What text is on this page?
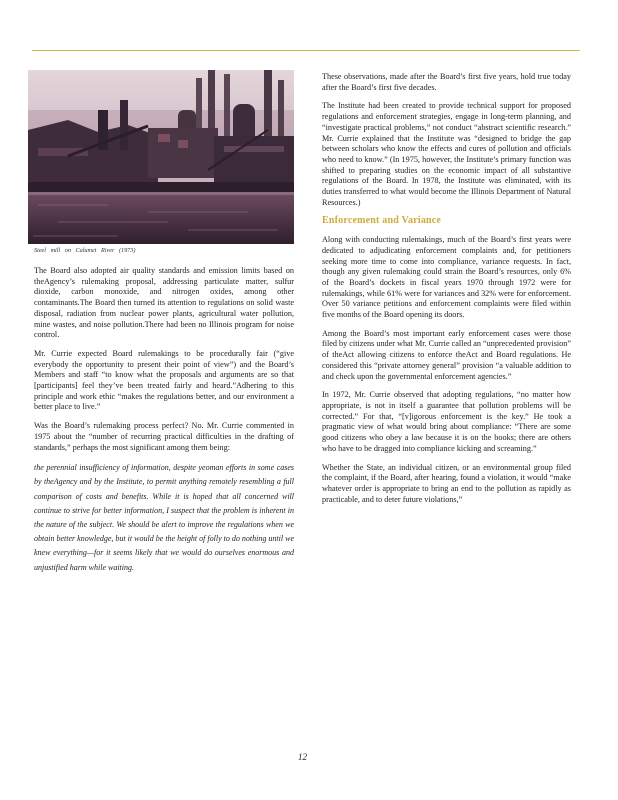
Steel mill on Calumet River (1973)

The Board also adopted air quality standards and emission limits based on theAgency’s rulemaking proposal, addressing particulate matter, sulfur dioxide, carbon monoxide, and nitrogen oxides, among other contaminants.The Board then turned its attention to regulations on solid waste disposal, radiation from nuclear power plants, agricultural water pollution, mine wastes, and noise pollution.There had been no Illinois program for noise control.

Mr. Currie expected Board rulemakings to be procedurally fair (“give everybody the opportunity to present their point of view”) and the Board’s Members and staff “to know what the proposals and arguments are so that [participants] feel they’ve been treated fairly and heard.”Adhering to this principle and work ethic “makes the regulations better, and our environment a better place to live.”

Was the Board’s rulemaking process perfect? No. Mr. Currie commented in 1975 about the “number of recurring practical difficulties in the drafting of standards,” perhaps the most significant among them being:

the perennial insufficiency of information, despite yeoman efforts in some cases by theAgency and by the Institute, to permit anything remotely resembling a full comparison of costs and benefits. While it is hoped that all concerned will continue to strive for better information, I suspect that the problem is inherent in the nature of the subject. We should be alert to improve the regulations when we obtain better knowledge, but it would be the height of folly to do nothing until we knew everything—for it seems likely that we would do ourselves enormous and unjustified harm while waiting.

These observations, made after the Board’s first five years, hold true today after the Board’s first five decades.

The Institute had been created to provide technical support for proposed regulations and enforcement strategies, engage in long-term planning, and “investigate practical problems,” not conduct “abstract scientific research.” Mr. Currie explained that the Institute was “designed to bridge the gap between scholars who know the effects and cures of pollution and officials who need to know.” (In 1975, however, the Institute’s primary function was shifted to preparing studies on the economic impact of all substantive regulations of the Board. In 1978, the Institute was eliminated, with its duties transferred to what would become the Illinois Department of Natural Resources.)

Enforcement and Variance

Along with conducting rulemakings, much of the Board’s first years were dedicated to adjudicating enforcement complaints and, for petitioners seeking more time to come into compliance, variance requests. In fact, though any given rulemaking could strain the Board’s resources, only 6% of the Board’s dockets in fiscal years 1970 through 1972 were for rulemakings, while 61% were for variances and 32% were for enforcement. Over 50 variance petitions and enforcement complaints were filed within five months of the Board opening its doors.

Among the Board’s most important early enforcement cases were those filed by citizens under what Mr. Currie called an “unprecedented provision” of theAct allowing citizens to enforce theAct and Board regulations. He considered this “private attorney general” provision “a valuable addition to and check upon the governmental enforcement agencies.”

In 1972, Mr. Currie observed that adopting regulations, “no matter how appropriate, is not in itself a guarantee that pollution problems will be corrected.” For that, “[v]igorous enforcement is the key.” He took a pragmatic view of what would bring about compliance: “There are some good citizens who obey a law because it is on the books; there are others who have to be dragged into compliance kicking and screaming.”

Whether the State, an individual citizen, or an environmental group filed the complaint, if the Board, after hearing, found a violation, it would “make whatever order is appropriate to bring an end to the pollution as rapidly as practicable, and to deter future violations,”

12
